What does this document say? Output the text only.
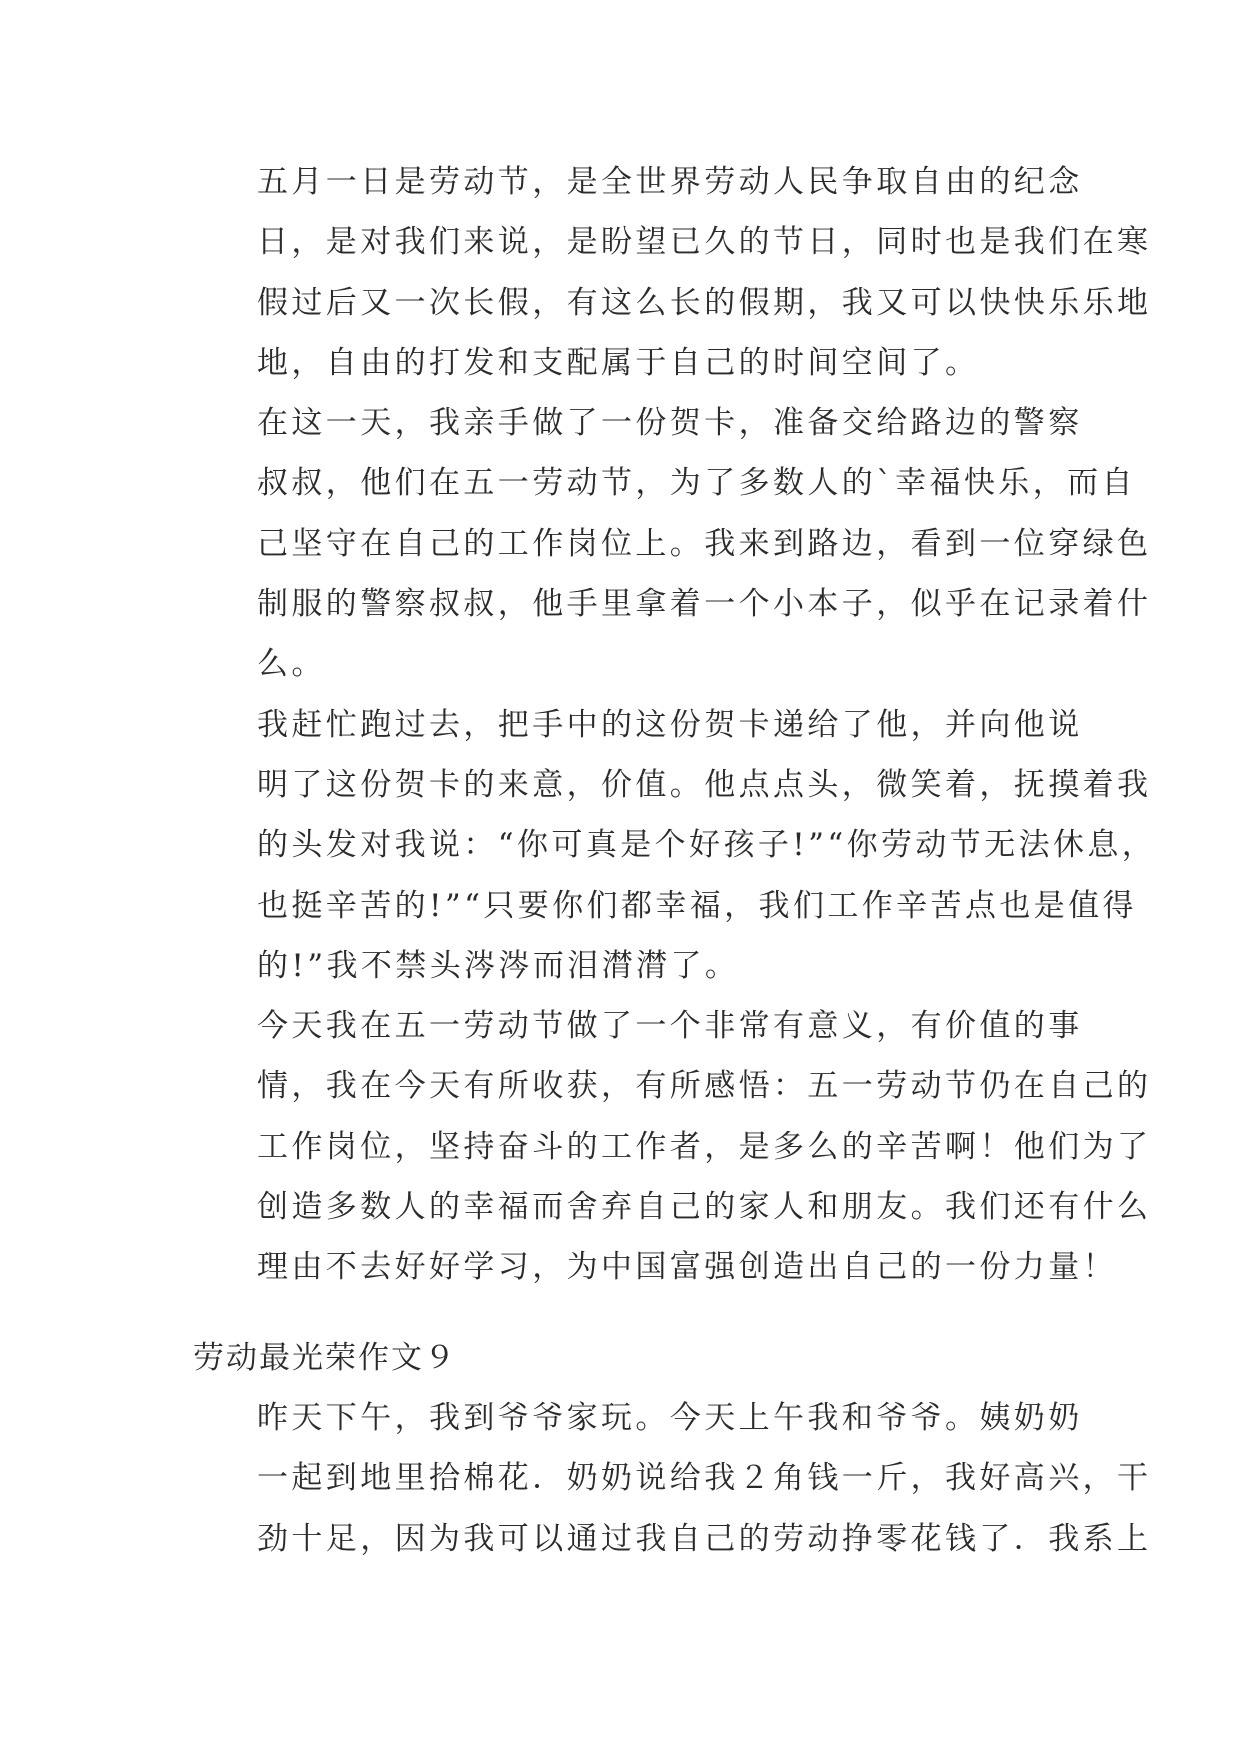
五月一日是劳动节，是全世界劳动人民争取自由的纪念
日，是对我们来说，是盼望已久的节日，同时也是我们在寒
假过后又一次长假，有这么长的假期，我又可以快快乐乐地
地，自由的打发和支配属于自己的时间空间了。

在这一天，我亲手做了一份贺卡，准备交给路边的警察
叔叔，他们在五一劳动节，为了多数人的`幸福快乐，而自
己坚守在自己的工作岗位上。我来到路边，看到一位穿绿色
制服的警察叔叔，他手里拿着一个小本子，似乎在记录着什
么。

我赶忙跑过去，把手中的这份贺卡递给了他，并向他说
明了这份贺卡的来意，价值。他点点头，微笑着，抚摸着我
的头发对我说：“你可真是个好孩子!”“你劳动节无法休息，
也挺辛苦的!”“只要你们都幸福，我们工作辛苦点也是值得
的!”我不禁头涔涔而泪潸潸了。

今天我在五一劳动节做了一个非常有意义，有价值的事
情，我在今天有所收获，有所感悟：五一劳动节仍在自己的
工作岗位，坚持奋斗的工作者，是多么的辛苦啊！他们为了
创造多数人的幸福而舍弃自己的家人和朋友。我们还有什么
理由不去好好学习，为中国富强创造出自己的一份力量！

劳动最光荣作文９

昨天下午，我到爷爷家玩。今天上午我和爷爷。姨奶奶
一起到地里拾棉花．奶奶说给我２角钱一斤，我好高兴，干
劲十足，因为我可以通过我自己的劳动挣零花钱了．我系上
